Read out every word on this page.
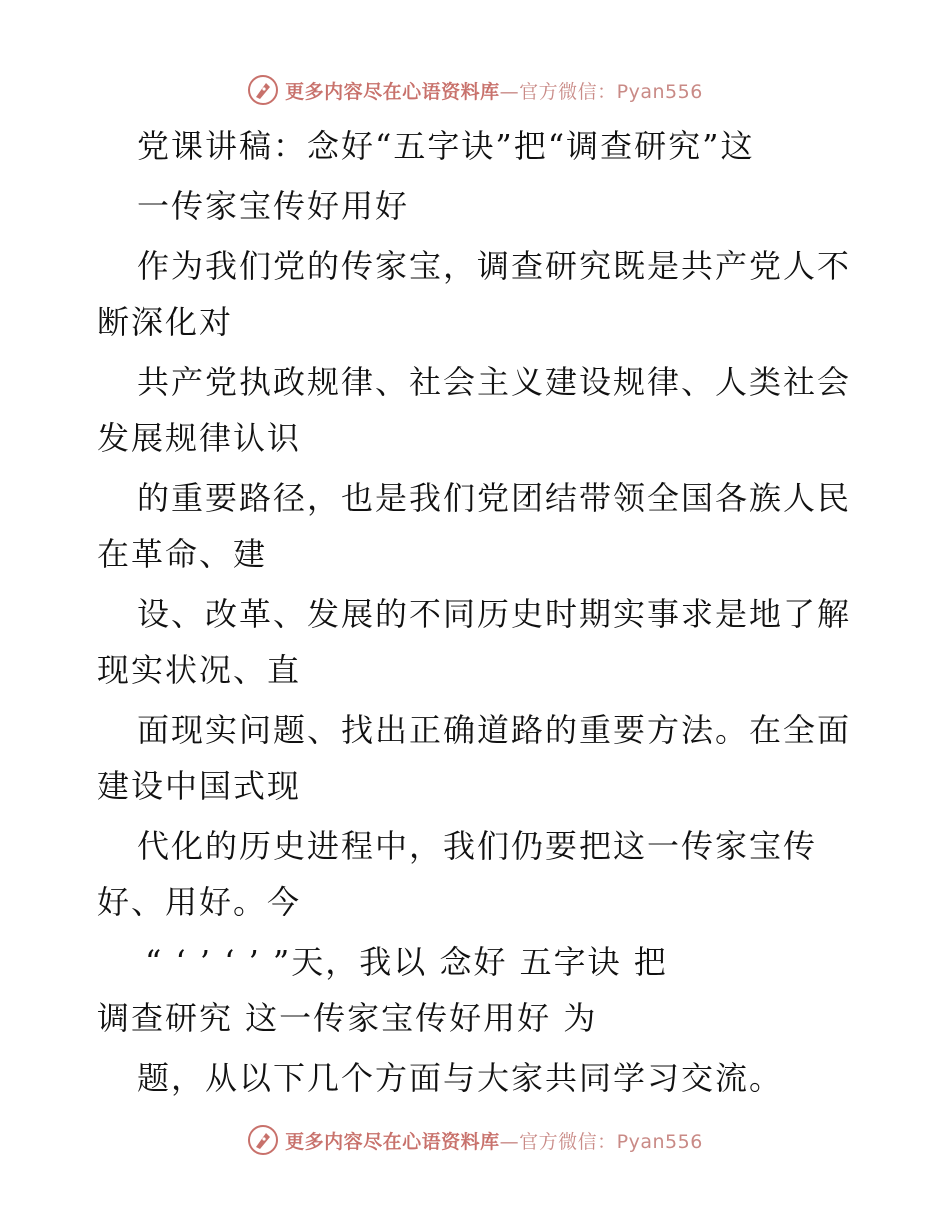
更多内容尽在心语资料库—官方微信：Pyan556
党课讲稿：念好“五字诀”把“调查研究”这
一传家宝传好用好
作为我们党的传家宝，调查研究既是共产党人不
断深化对
共产党执政规律、社会主义建设规律、人类社会
发展规律认识
的重要路径，也是我们党团结带领全国各族人民
在革命、建
设、改革、发展的不同历史时期实事求是地了解
现实状况、直
面现实问题、找出正确道路的重要方法。在全面
建设中国式现
代化的历史进程中，我们仍要把这一传家宝传
好、用好。今
“ ‘ ’ ‘ ’ ”天，我以 念好 五字诀 把
调查研究 这一传家宝传好用好 为
题，从以下几个方面与大家共同学习交流。
更多内容尽在心语资料库—官方微信：Pyan556
